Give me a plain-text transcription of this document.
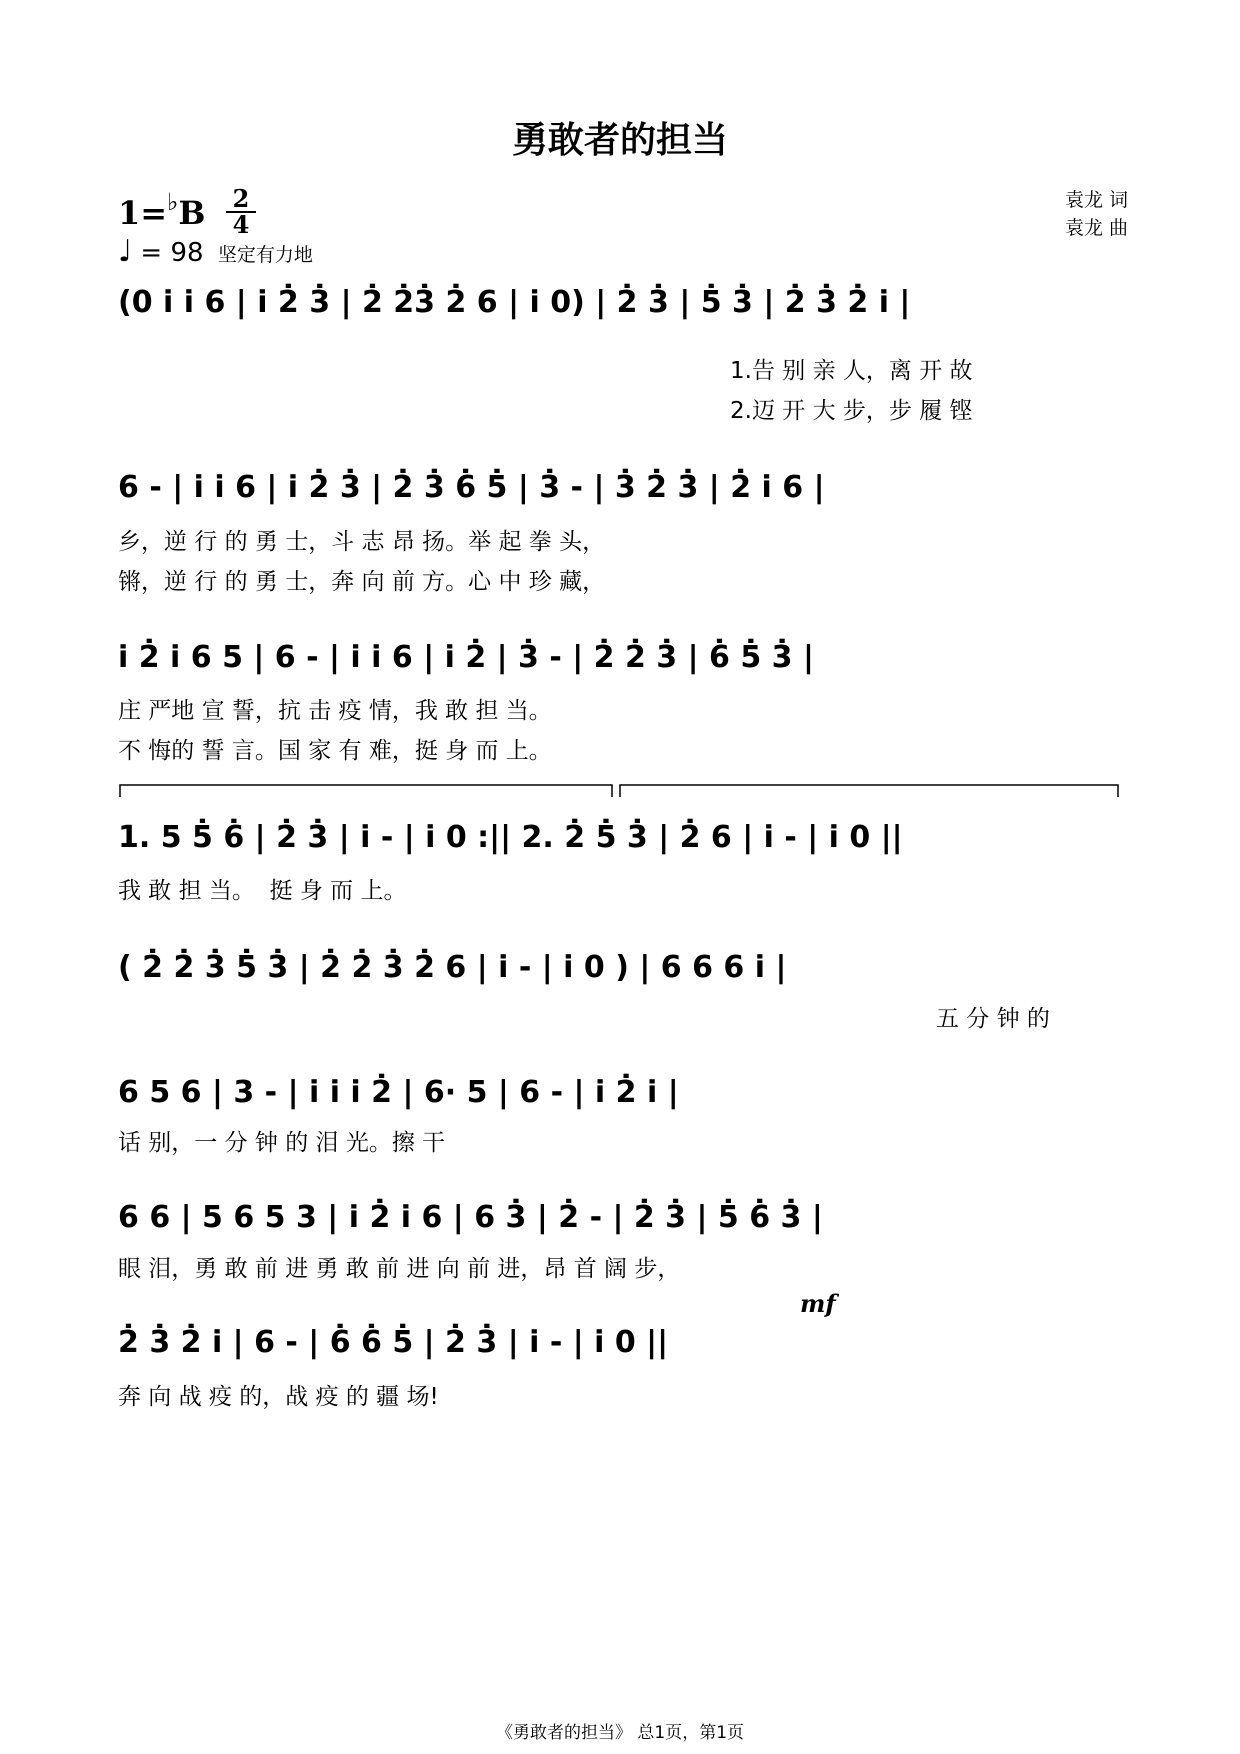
勇敢者的担当
1=♭B 2
4
♩ = 98 坚定有力地
袁龙 词
袁龙 曲
(0 i̇ i̇ 6 | i̇ 2̇ 3̇ | 2̇ 2̇3̇ 2̇ 6 | i̇ 0) | 2̇ 3̇ | 5̇ 3̇ | 2̇ 3̇ 2̇ i̇ |
1.告 别 亲 人，离 开 故
2.迈 开 大 步，步 履 铿
6 - | i̇ i̇ 6 | i̇ 2̇ 3̇ | 2̇ 3̇ 6̇ 5̇ | 3̇ - | 3̇ 2̇ 3̇ | 2̇ i̇ 6 |
乡，逆 行 的 勇 士，斗 志 昂 扬。举 起 拳 头，
锵，逆 行 的 勇 士，奔 向 前 方。心 中 珍 藏，
i̇ 2̇ i̇ 6 5 | 6 - | i̇ i̇ 6 | i̇ 2̇ | 3̇ - | 2̇ 2̇ 3̇ | 6̇ 5̇ 3̇ |
庄 严地 宣 誓，抗 击 疫 情，我 敢 担 当。
不 悔的 誓 言。国 家 有 难，挺 身 而 上。
1. 5 5̇ 6̇ | 2̇ 3̇ | i̇ - | i̇ 0 :|| 2. 2̇ 5̇ 3̇ | 2̇ 6 | i̇ - | i̇ 0 ||
我 敢 担 当。  挺 身 而 上。
( 2̇ 2̇ 3̇ 5̇ 3̇ | 2̇ 2̇ 3̇ 2̇ 6 | i̇ - | i̇ 0 ) | 6 6 6 i̇ |
五 分 钟 的
6 5 6 | 3 - | i̇ i̇ i̇ 2̇ | 6· 5 | 6 - | i̇ 2̇ i̇ |
话 别，一 分 钟 的 泪 光。擦 干
6 6 | 5 6 5 3 | i̇ 2̇ i̇ 6 | 6 3̇ | 2̇ - | 2̇ 3̇ | 5̇ 6̇ 3̇ |
眼 泪，勇 敢 前 进 勇 敢 前 进 向 前 进，昂 首 阔 步，
mf
2̇ 3̇ 2̇ i̇ | 6 - | 6̇ 6̇ 5̇ | 2̇ 3̇ | i̇ - | i̇ 0 ||
奔 向 战 疫 的，战 疫 的 疆 场!
《勇敢者的担当》 总1页，第1页
